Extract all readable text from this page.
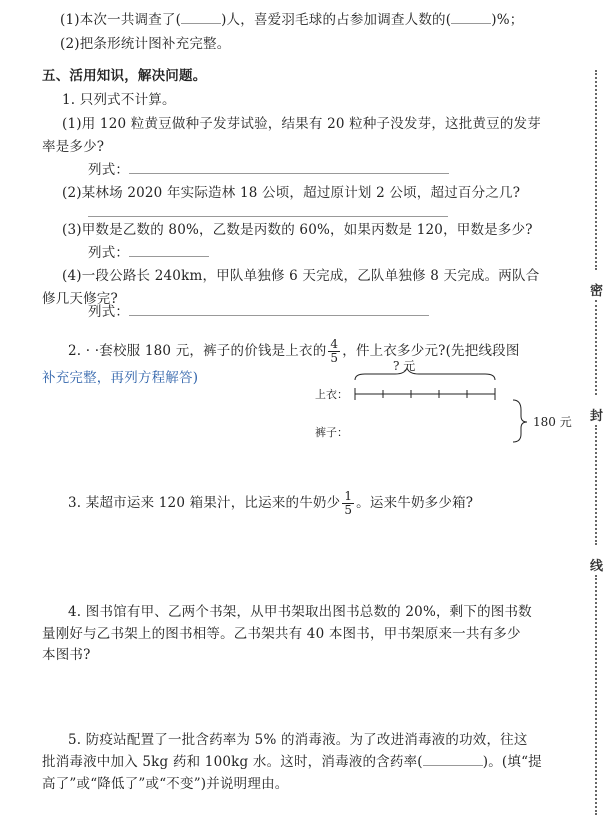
(1)本次一共调查了(	)人，喜爱羽毛球的占参加调查人数的(	)%；
(2)把条形统计图补充完整。
五、活用知识，解决问题。
1. 只列式不计算。
(1)用 120 粒黄豆做种子发芽试验，结果有 20 粒种子没发芽，这批黄豆的发芽
率是多少?
列式：
(2)某林场 2020 年实际造林 18 公顷，超过原计划 2 公顷，超过百分之几?
(3)甲数是乙数的 80%，乙数是丙数的 60%，如果丙数是 120，甲数是多少?
列式：
(4)一段公路长 240km，甲队单独修 6 天完成，乙队单独修 8 天完成。两队合
修几天修完?
列式：
2. · ·套校服 180 元，裤子的价钱是上衣的 $\frac{4}{5}$ ，件上衣多少元?(先把线段图
补充完整，再列方程解答)
? 元
上衣：
裤子：
180 元
3. 某超市运来 120 箱果汁，比运来的牛奶少 $\frac{1}{5}$ 。运来牛奶多少箱?
4. 图书馆有甲、乙两个书架，从甲书架取出图书总数的 20%，剩下的图书数
量刚好与乙书架上的图书相等。乙书架共有 40 本图书，甲书架原来一共有多少
本图书?
5. 防疫站配置了一批含药率为 5% 的消毒液。为了改进消毒液的功效，往这
批消毒液中加入 5kg 药和 100kg 水。这时，消毒液的含药率(	)。(填“提
高了”或“降低了”或“不变”)并说明理由。
密
封
线
